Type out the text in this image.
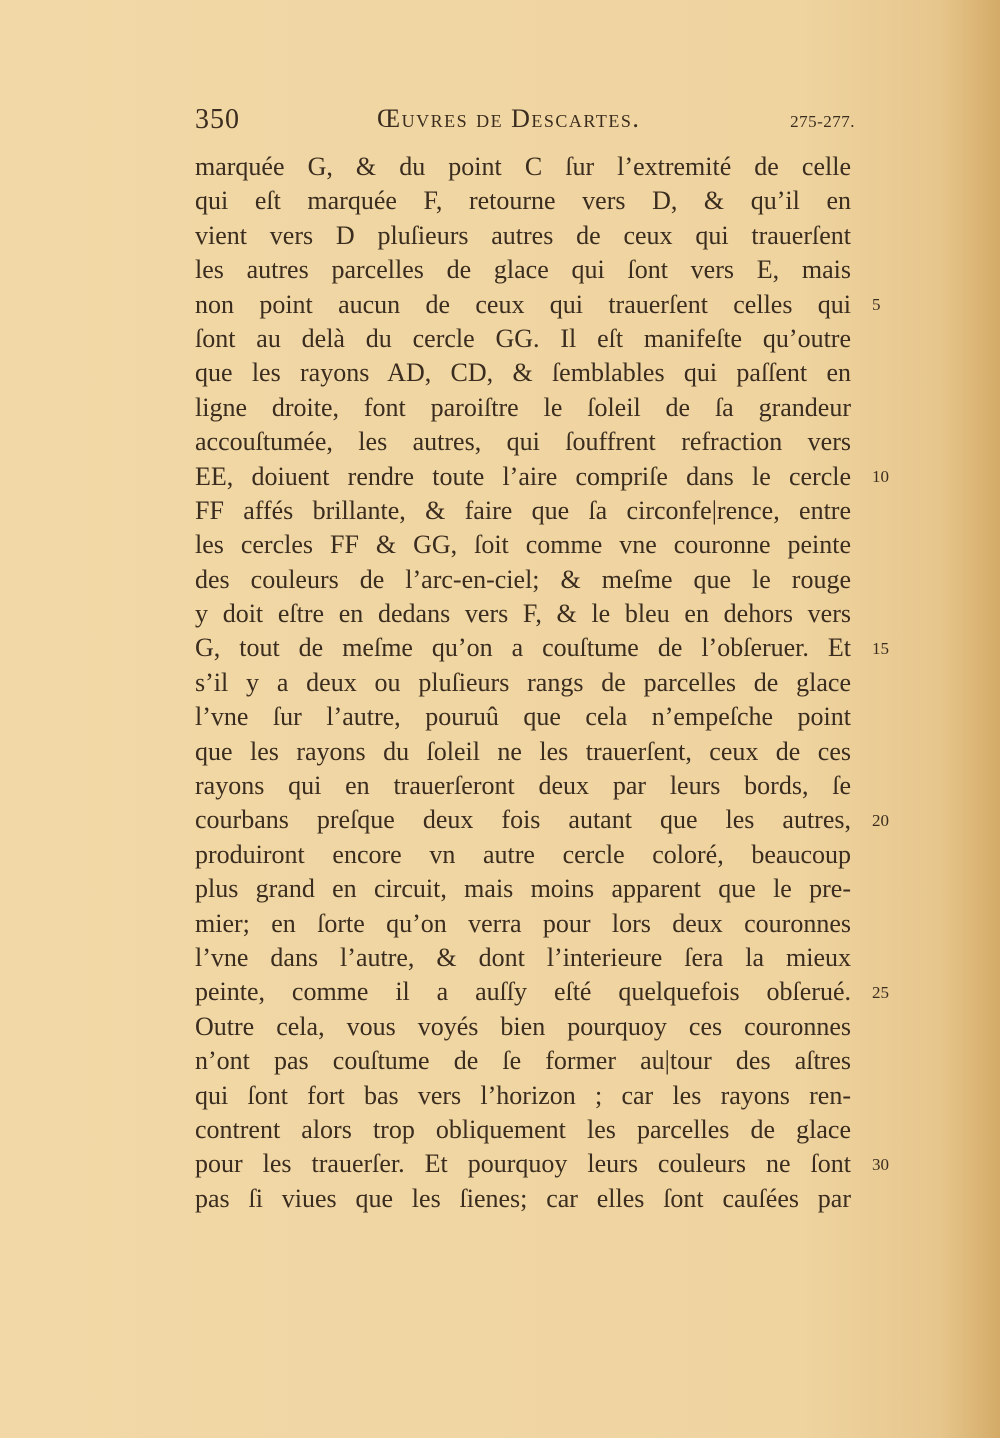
350	Œuvres de Descartes.	275-277.
marquée G, & du point C ſur l’extremité de celle
qui eſt marquée F, retourne vers D, & qu’il en
vient vers D pluſieurs autres de ceux qui trauerſent
les autres parcelles de glace qui ſont vers E, mais
non point aucun de ceux qui trauerſent celles qui
ſont au delà du cercle GG. Il eſt manifeſte qu’outre
que les rayons AD, CD, & ſemblables qui paſſent en
ligne droite, font paroiſtre le ſoleil de ſa grandeur
accouſtumée, les autres, qui ſouffrent refraction vers
EE, doiuent rendre toute l’aire compriſe dans le cercle
FF affés brillante, & faire que ſa circonfe|rence, entre
les cercles FF & GG, ſoit comme vne couronne peinte
des couleurs de l’arc-en-ciel; & meſme que le rouge
y doit eſtre en dedans vers F, & le bleu en dehors vers
G, tout de meſme qu’on a couſtume de l’obſeruer. Et
s’il y a deux ou pluſieurs rangs de parcelles de glace
l’vne ſur l’autre, pouruû que cela n’empeſche point
que les rayons du ſoleil ne les trauerſent, ceux de ces
rayons qui en trauerſeront deux par leurs bords, ſe
courbans preſque deux fois autant que les autres,
produiront encore vn autre cercle coloré, beaucoup
plus grand en circuit, mais moins apparent que le pre-
mier; en ſorte qu’on verra pour lors deux couronnes
l’vne dans l’autre, & dont l’interieure ſera la mieux
peinte, comme il a auſſy eſté quelquefois obſerué.
Outre cela, vous voyés bien pourquoy ces couronnes
n’ont pas couſtume de ſe former au|tour des aſtres
qui ſont fort bas vers l’horizon ; car les rayons ren-
contrent alors trop obliquement les parcelles de glace
pour les trauerſer. Et pourquoy leurs couleurs ne ſont
pas ſi viues que les ſienes; car elles ſont cauſées par
5
10
15
20
25
30
